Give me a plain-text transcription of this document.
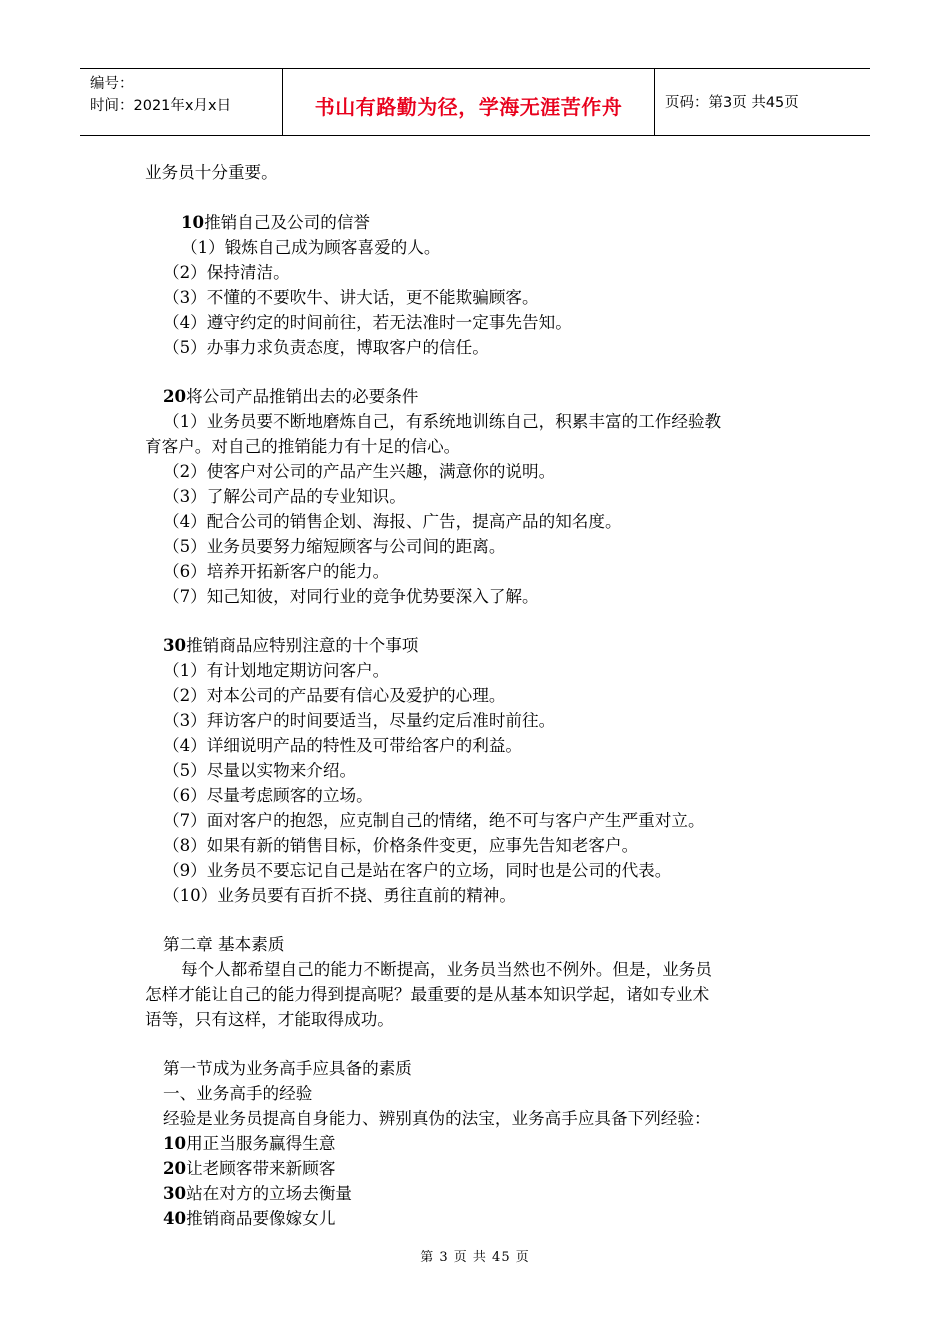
编号：
时间：2021年x月x日	书山有路勤为径，学海无涯苦作舟	页码：第3页 共45页
业务员十分重要。
10推销自己及公司的信誉
（1）锻炼自己成为顾客喜爱的人。
（2）保持清洁。
（3）不懂的不要吹牛、讲大话，更不能欺骗顾客。
（4）遵守约定的时间前往，若无法准时一定事先告知。
（5）办事力求负责态度，博取客户的信任。
20将公司产品推销出去的必要条件
（1）业务员要不断地磨炼自己，有系统地训练自己，积累丰富的工作经验教
育客户。对自己的推销能力有十足的信心。
（2）使客户对公司的产品产生兴趣，满意你的说明。
（3）了解公司产品的专业知识。
（4）配合公司的销售企划、海报、广告，提高产品的知名度。
（5）业务员要努力缩短顾客与公司间的距离。
（6）培养开拓新客户的能力。
（7）知己知彼，对同行业的竞争优势要深入了解。
30推销商品应特别注意的十个事项
（1）有计划地定期访问客户。
（2）对本公司的产品要有信心及爱护的心理。
（3）拜访客户的时间要适当，尽量约定后准时前往。
（4）详细说明产品的特性及可带给客户的利益。
（5）尽量以实物来介绍。
（6）尽量考虑顾客的立场。
（7）面对客户的抱怨，应克制自己的情绪，绝不可与客户产生严重对立。
（8）如果有新的销售目标，价格条件变更，应事先告知老客户。
（9）业务员不要忘记自己是站在客户的立场，同时也是公司的代表。
（10）业务员要有百折不挠、勇往直前的精神。
第二章 基本素质
每个人都希望自己的能力不断提高，业务员当然也不例外。但是，业务员
怎样才能让自己的能力得到提高呢？最重要的是从基本知识学起，诸如专业术
语等，只有这样，才能取得成功。
第一节成为业务高手应具备的素质
一、业务高手的经验
经验是业务员提高自身能力、辨别真伪的法宝，业务高手应具备下列经验：
10用正当服务赢得生意
20让老顾客带来新顾客
30站在对方的立场去衡量
40推销商品要像嫁女儿
第 3 页 共 45 页
